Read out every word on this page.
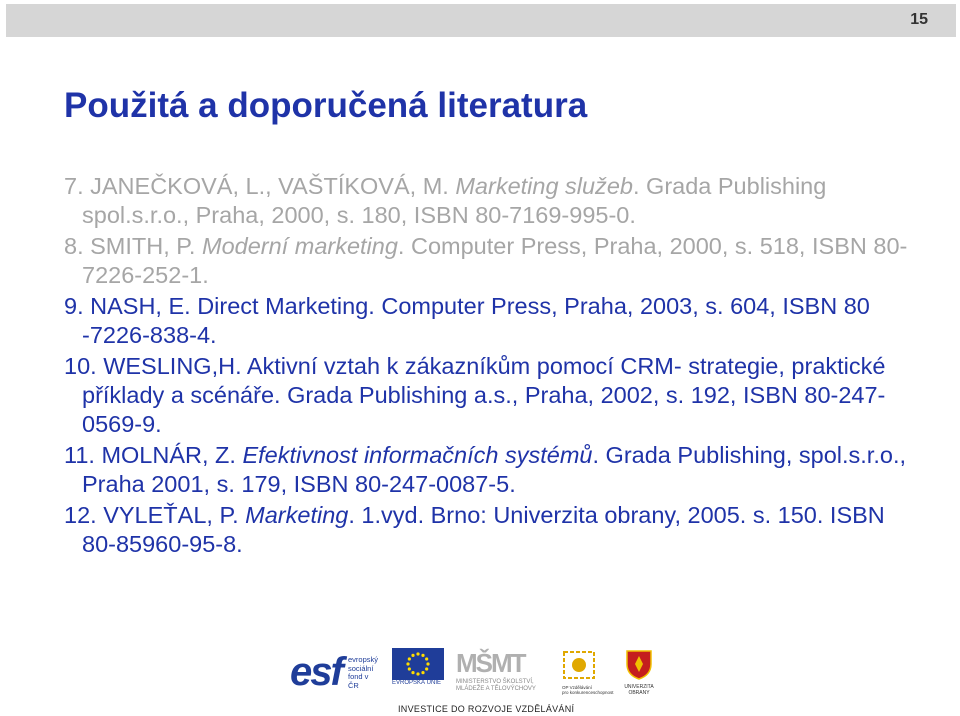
15
Použitá a doporučená literatura
7. JANEČKOVÁ, L., VAŠTÍKOVÁ, M. Marketing služeb. Grada Publishing spol.s.r.o., Praha, 2000, s. 180, ISBN 80-7169-995-0.
8. SMITH, P. Moderní marketing. Computer Press, Praha, 2000, s. 518, ISBN 80-7226-252-1.
9. NASH, E. Direct Marketing. Computer Press, Praha, 2003, s. 604, ISBN 80 -7226-838-4.
10. WESLING,H. Aktivní vztah k zákazníkům pomocí CRM- strategie, praktické příklady a scénáře. Grada Publishing a.s., Praha, 2002, s. 192, ISBN 80-247-0569-9.
11. MOLNÁR, Z. Efektivnost informačních systémů. Grada Publishing, spol.s.r.o., Praha 2001, s. 179, ISBN 80-247-0087-5.
12. VYLEŤAL, P. Marketing. 1.vyd. Brno: Univerzita obrany, 2005. s. 150. ISBN 80-85960-95-8.
esf evropský
sociální
fond v ČR	EVROPSKÁ UNIE
MŠMT
MINISTERSTVO ŠKOLSTVÍ,
MLÁDEŽE A TĚLOVÝCHOVY	OP Vzdělávání
pro konkurenceschopnost
UNIVERZITA
OBRANY
INVESTICE DO ROZVOJE VZDĚLÁVÁNÍ
